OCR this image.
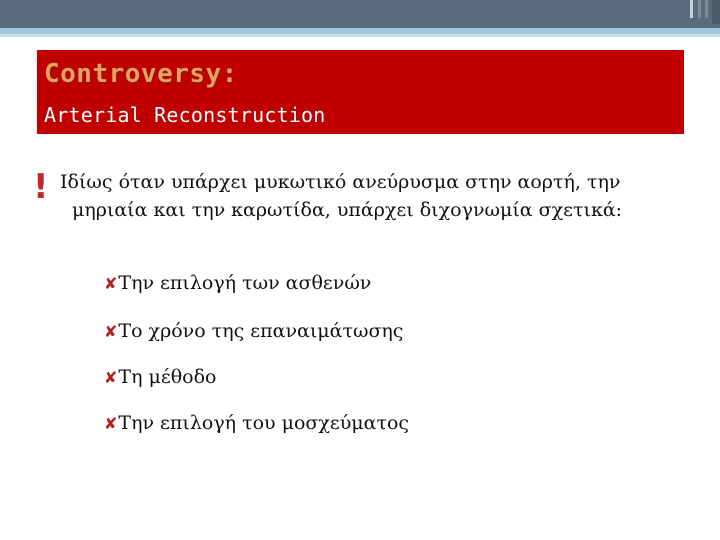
Controversy:
Arterial Reconstruction
! Ιδίως όταν υπάρχει μυκωτικό ανεύρυσμα στην αορτή, την
μηριαία και την καρωτίδα, υπάρχει διχογνωμία σχετικά:
✘Την επιλογή των ασθενών
✘Το χρόνο της επαναιμάτωσης
✘Τη μέθοδο
✘Την επιλογή του μοσχεύματος
